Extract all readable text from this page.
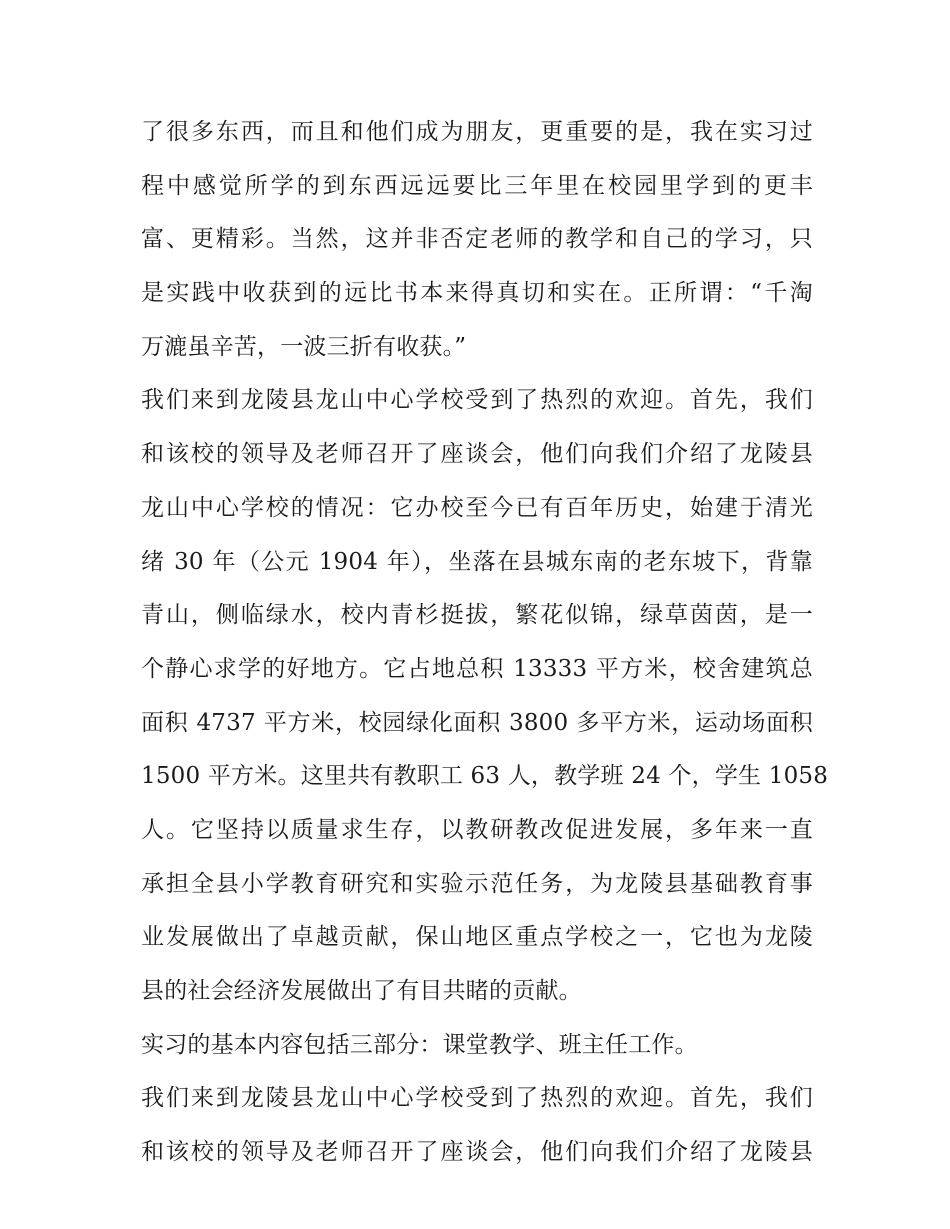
了很多东西，而且和他们成为朋友，更重要的是，我在实习过
程中感觉所学的到东西远远要比三年里在校园里学到的更丰
富、更精彩。当然，这并非否定老师的教学和自己的学习，只
是实践中收获到的远比书本来得真切和实在。正所谓：“千淘
万漉虽辛苦，一波三折有收获。”
我们来到龙陵县龙山中心学校受到了热烈的欢迎。首先，我们
和该校的领导及老师召开了座谈会，他们向我们介绍了龙陵县
龙山中心学校的情况：它办校至今已有百年历史，始建于清光
绪 30 年（公元 1904 年），坐落在县城东南的老东坡下，背靠
青山，侧临绿水，校内青杉挺拔，繁花似锦，绿草茵茵，是一
个静心求学的好地方。它占地总积 13333 平方米，校舍建筑总
面积 4737 平方米，校园绿化面积 3800 多平方米，运动场面积
1500 平方米。这里共有教职工 63 人，教学班 24 个，学生 1058
人。它坚持以质量求生存，以教研教改促进发展，多年来一直
承担全县小学教育研究和实验示范任务，为龙陵县基础教育事
业发展做出了卓越贡献，保山地区重点学校之一，它也为龙陵
县的社会经济发展做出了有目共睹的贡献。
实习的基本内容包括三部分：课堂教学、班主任工作。
我们来到龙陵县龙山中心学校受到了热烈的欢迎。首先，我们
和该校的领导及老师召开了座谈会，他们向我们介绍了龙陵县
